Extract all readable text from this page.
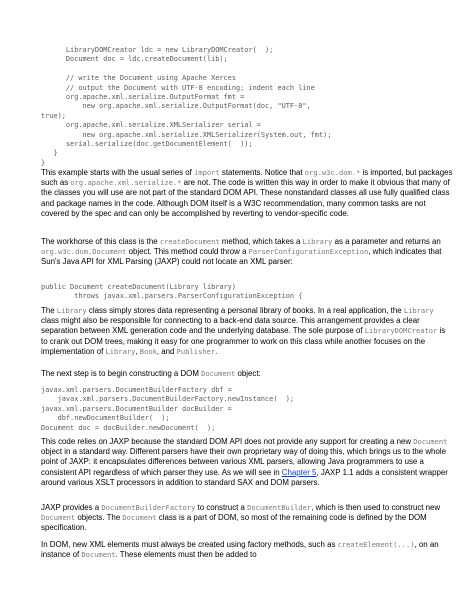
LibraryDOMCreator ldc = new LibraryDOMCreator(  );
Document doc = ldc.createDocument(lib);

// write the Document using Apache Xerces
// output the Document with UTF-8 encoding; indent each line
org.apache.xml.serialize.OutputFormat fmt =
new org.apache.xml.serialize.OutputFormat(doc, "UTF-8",
true);
org.apache.xml.serialize.XMLSerializer serial =
new org.apache.xml.serialize.XMLSerializer(System.out, fmt);
serial.serialize(doc.getDocumentElement(  ));
}
}

This example starts with the usual series of import statements. Notice that org.w3c.dom.* is imported, but packages such as org.apache.xml.serialize.* are not. The code is written this way in order to make it obvious that many of the classes you will use are not part of the standard DOM API. These nonstandard classes all use fully qualified class and package names in the code. Although DOM itself is a W3C recommendation, many common tasks are not covered by the spec and can only be accomplished by reverting to vendor-specific code.

The workhorse of this class is the createDocument method, which takes a Library as a parameter and returns an org.w3c.dom.Document object. This method could throw a ParserConfigurationException, which indicates that Sun's Java API for XML Parsing (JAXP) could not locate an XML parser:

public Document createDocument(Library library)
throws javax.xml.parsers.ParserConfigurationException {

The Library class simply stores data representing a personal library of books. In a real application, the Library class might also be responsible for connecting to a back-end data source. This arrangement provides a clear separation between XML generation code and the underlying database. The sole purpose of LibraryDOMCreator is to crank out DOM trees, making it easy for one programmer to work on this class while another focuses on the implementation of Library, Book, and Publisher.

The next step is to begin constructing a DOM Document object:

javax.xml.parsers.DocumentBuilderFactory dbf =
javax.xml.parsers.DocumentBuilderFactory.newInstance(  );
javax.xml.parsers.DocumentBuilder docBuilder =
dbf.newDocumentBuilder(  );
Document doc = docBuilder.newDocument(  );

This code relies on JAXP because the standard DOM API does not provide any support for creating a new Document object in a standard way. Different parsers have their own proprietary way of doing this, which brings us to the whole point of JAXP: it encapsulates differences between various XML parsers, allowing Java programmers to use a consistent API regardless of which parser they use. As we will see in Chapter 5, JAXP 1.1 adds a consistent wrapper around various XSLT processors in addition to standard SAX and DOM parsers.

JAXP provides a DocumentBuilderFactory to construct a DocumentBuilder, which is then used to construct new Document objects. The Document class is a part of DOM, so most of the remaining code is defined by the DOM specification.

In DOM, new XML elements must always be created using factory methods, such as createElement(...), on an instance of Document. These elements must then be added to
